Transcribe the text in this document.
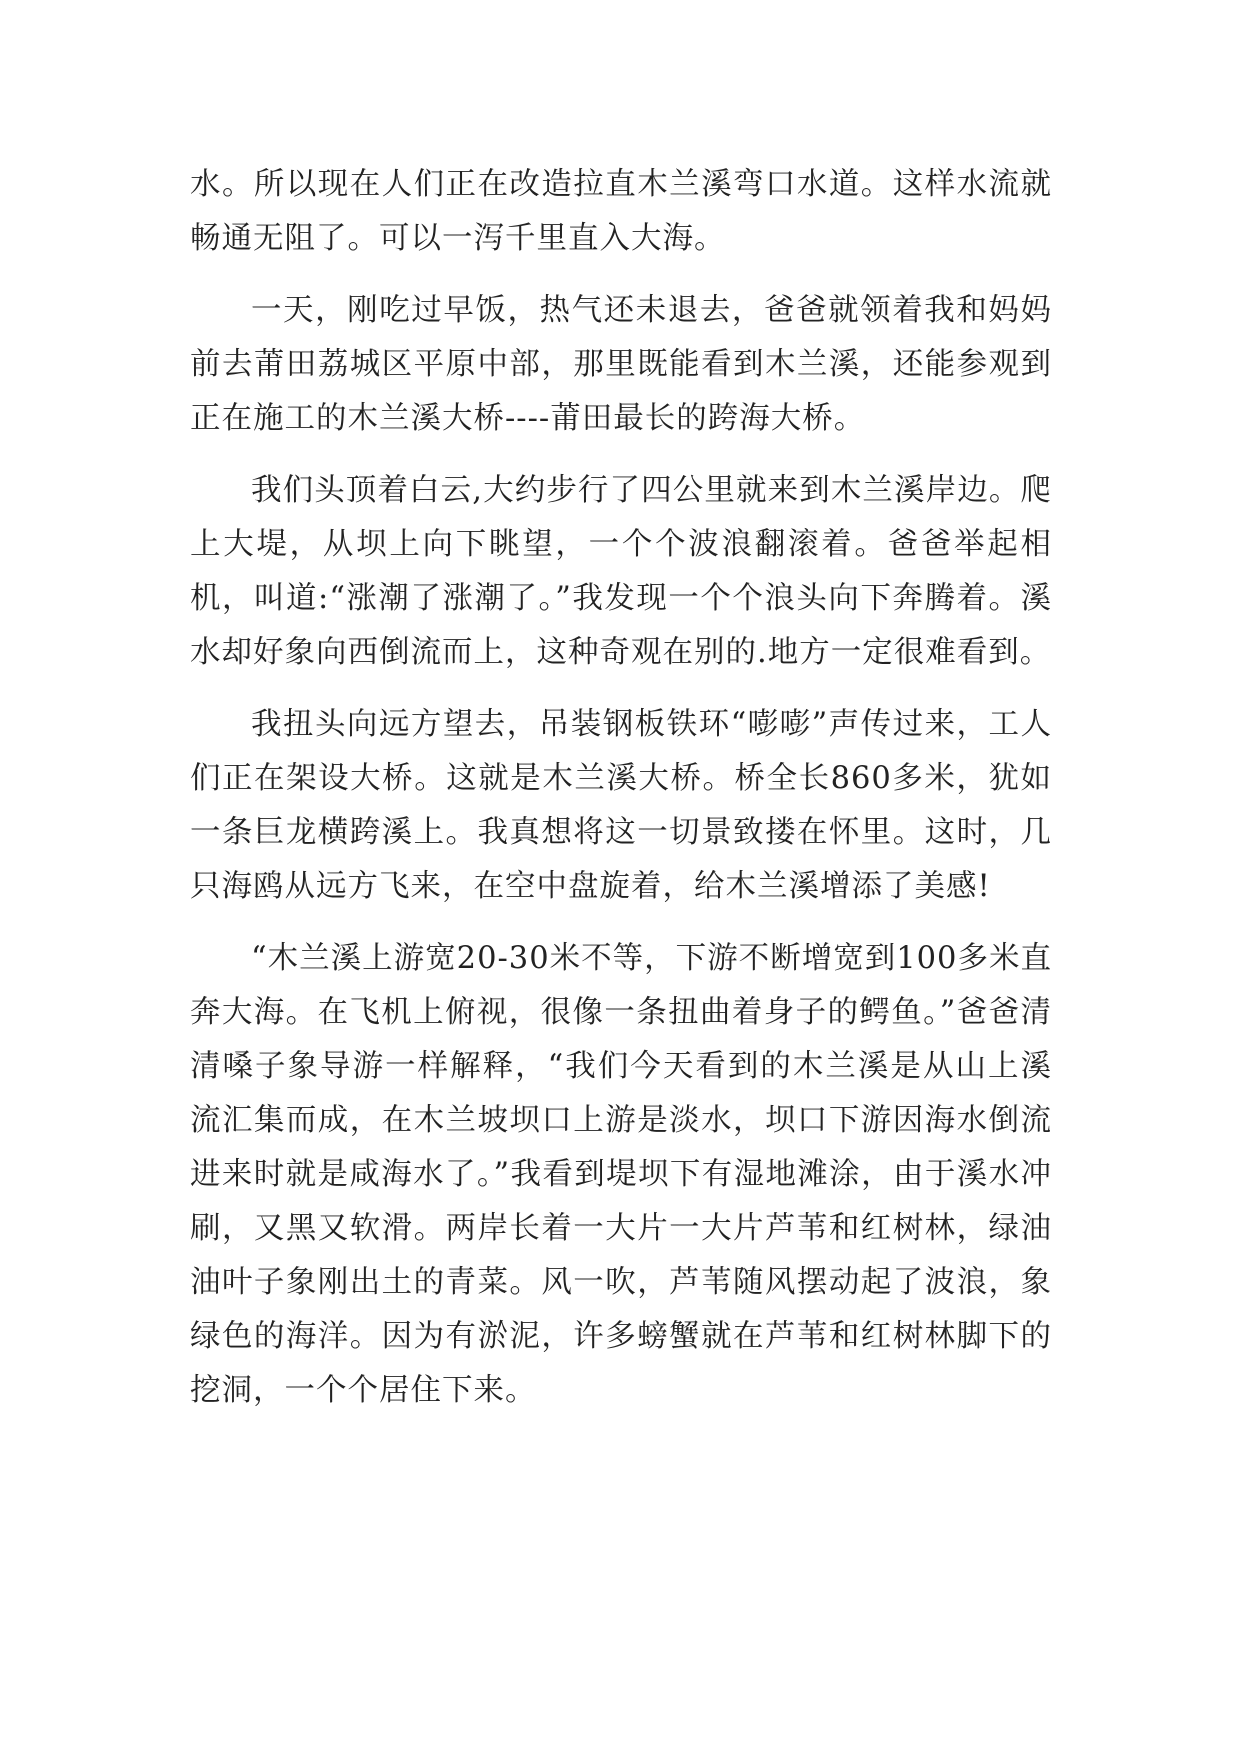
水。所以现在人们正在改造拉直木兰溪弯口水道。这样水流就畅通无阻了。可以一泻千里直入大海。

一天，刚吃过早饭，热气还未退去，爸爸就领着我和妈妈前去莆田荔城区平原中部，那里既能看到木兰溪，还能参观到正在施工的木兰溪大桥----莆田最长的跨海大桥。

我们头顶着白云,大约步行了四公里就来到木兰溪岸边。爬上大堤，从坝上向下眺望，一个个波浪翻滚着。爸爸举起相机，叫道:“涨潮了涨潮了。”我发现一个个浪头向下奔腾着。溪水却好象向西倒流而上，这种奇观在别的.地方一定很难看到。

我扭头向远方望去，吊装钢板铁环“嘭嘭”声传过来，工人们正在架设大桥。这就是木兰溪大桥。桥全长860多米，犹如一条巨龙横跨溪上。我真想将这一切景致搂在怀里。这时，几只海鸥从远方飞来，在空中盘旋着，给木兰溪增添了美感!

“木兰溪上游宽20-30米不等，下游不断增宽到100多米直奔大海。在飞机上俯视，很像一条扭曲着身子的鳄鱼。”爸爸清清嗓子象导游一样解释，“我们今天看到的木兰溪是从山上溪流汇集而成，在木兰坡坝口上游是淡水，坝口下游因海水倒流进来时就是咸海水了。”我看到堤坝下有湿地滩涂，由于溪水冲刷，又黑又软滑。两岸长着一大片一大片芦苇和红树林，绿油油叶子象刚出土的青菜。风一吹，芦苇随风摆动起了波浪，象绿色的海洋。因为有淤泥，许多螃蟹就在芦苇和红树林脚下的挖洞，一个个居住下来。
